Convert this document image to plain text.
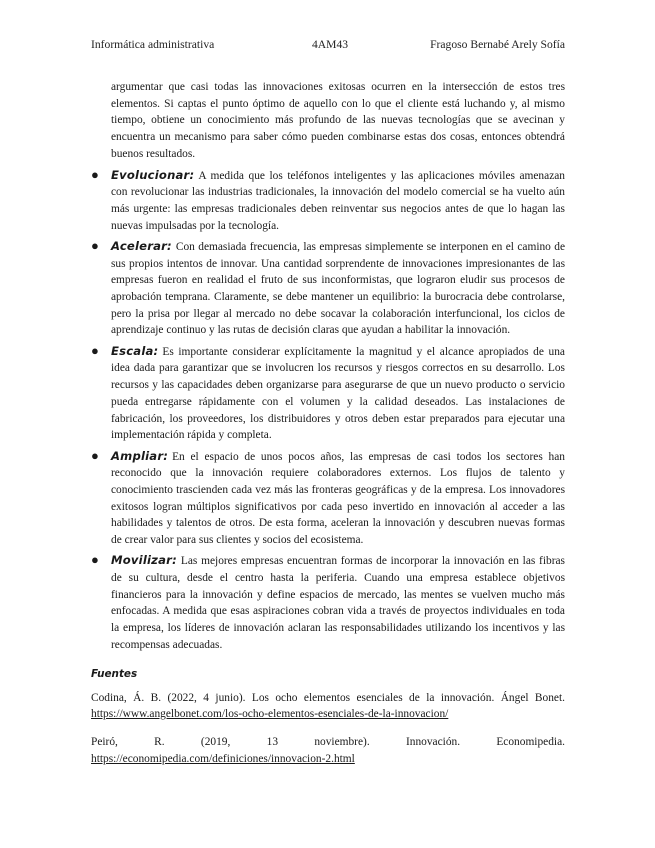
Informática administrativa	4AM43	Fragoso Bernabé Arely Sofía

argumentar que casi todas las innovaciones exitosas ocurren en la intersección de estos tres elementos. Si captas el punto óptimo de aquello con lo que el cliente está luchando y, al mismo tiempo, obtiene un conocimiento más profundo de las nuevas tecnologías que se avecinan y encuentra un mecanismo para saber cómo pueden combinarse estas dos cosas, entonces obtendrá buenos resultados.

● Evolucionar: A medida que los teléfonos inteligentes y las aplicaciones móviles amenazan con revolucionar las industrias tradicionales, la innovación del modelo comercial se ha vuelto aún más urgente: las empresas tradicionales deben reinventar sus negocios antes de que lo hagan las nuevas impulsadas por la tecnología.
● Acelerar: Con demasiada frecuencia, las empresas simplemente se interponen en el camino de sus propios intentos de innovar. Una cantidad sorprendente de innovaciones impresionantes de las empresas fueron en realidad el fruto de sus inconformistas, que lograron eludir sus procesos de aprobación temprana. Claramente, se debe mantener un equilibrio: la burocracia debe controlarse, pero la prisa por llegar al mercado no debe socavar la colaboración interfuncional, los ciclos de aprendizaje continuo y las rutas de decisión claras que ayudan a habilitar la innovación.
● Escala: Es importante considerar explícitamente la magnitud y el alcance apropiados de una idea dada para garantizar que se involucren los recursos y riesgos correctos en su desarrollo. Los recursos y las capacidades deben organizarse para asegurarse de que un nuevo producto o servicio pueda entregarse rápidamente con el volumen y la calidad deseados. Las instalaciones de fabricación, los proveedores, los distribuidores y otros deben estar preparados para ejecutar una implementación rápida y completa.
● Ampliar: En el espacio de unos pocos años, las empresas de casi todos los sectores han reconocido que la innovación requiere colaboradores externos. Los flujos de talento y conocimiento trascienden cada vez más las fronteras geográficas y de la empresa. Los innovadores exitosos logran múltiplos significativos por cada peso invertido en innovación al acceder a las habilidades y talentos de otros. De esta forma, aceleran la innovación y descubren nuevas formas de crear valor para sus clientes y socios del ecosistema.
● Movilizar: Las mejores empresas encuentran formas de incorporar la innovación en las fibras de su cultura, desde el centro hasta la periferia. Cuando una empresa establece objetivos financieros para la innovación y define espacios de mercado, las mentes se vuelven mucho más enfocadas. A medida que esas aspiraciones cobran vida a través de proyectos individuales en toda la empresa, los líderes de innovación aclaran las responsabilidades utilizando los incentivos y las recompensas adecuadas.
Fuentes

Codina, Á. B. (2022, 4 junio). Los ocho elementos esenciales de la innovación. Ángel Bonet. https://www.angelbonet.com/los-ocho-elementos-esenciales-de-la-innovacion/

Peiró, R. (2019, 13 noviembre). Innovación. Economipedia. https://economipedia.com/definiciones/innovacion-2.html
